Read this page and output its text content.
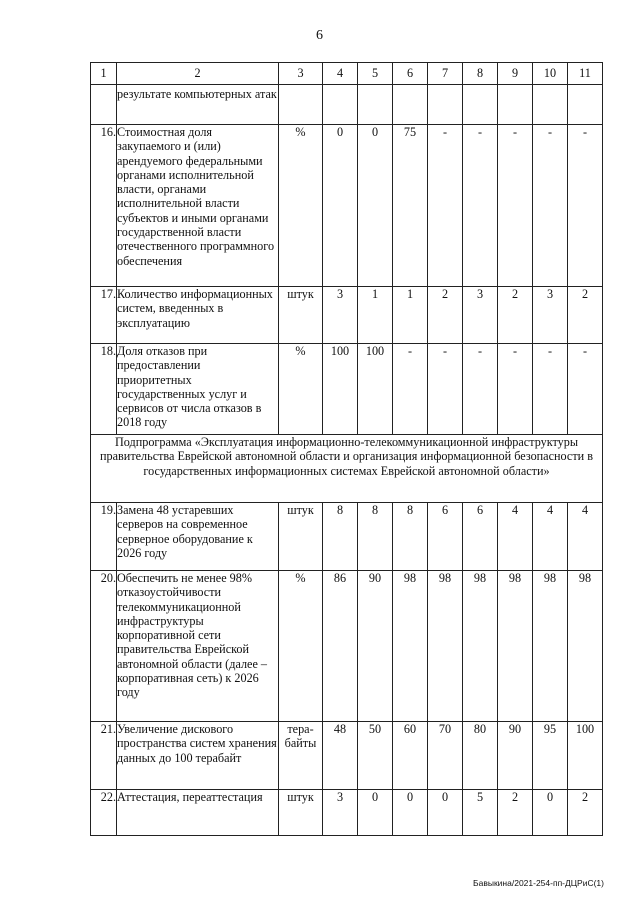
6
1	2	3	4	5	6	7	8	9	10	11
	результате компьютерных атак									
16.	Стоимостная доля закупаемого и (или) арендуемого федеральными органами исполнительной власти, органами исполнительной власти субъектов и иными органами государственной власти отечественного программного обеспечения	%	0	0	75	-	-	-	-	-
17.	Количество информационных систем, введенных в эксплуатацию	штук	3	1	1	2	3	2	3	2
18.	Доля отказов при предоставлении приоритетных государственных услуг и сервисов от числа отказов в 2018 году	%	100	100	-	-	-	-	-	-
Подпрограмма «Эксплуатация информационно-телекоммуникационной инфраструктуры правительства Еврейской автономной области и организация информационной безопасности в государственных информационных системах Еврейской автономной области»										
19.	Замена 48 устаревших серверов на современное серверное оборудование к 2026 году	штук	8	8	8	6	6	4	4	4
20.	Обеспечить не менее 98% отказоустойчивости телекоммуникационной инфраструктуры корпоративной сети правительства Еврейской автономной области (далее – корпоративная сеть) к 2026 году	%	86	90	98	98	98	98	98	98
21.	Увеличение дискового пространства систем хранения данных до 100 терабайт	тера-байты	48	50	60	70	80	90	95	100
22.	Аттестация, переаттестация	штук	3	0	0	0	5	2	0	2
Бавыкина/2021-254-пп-ДЦРиС(1)
